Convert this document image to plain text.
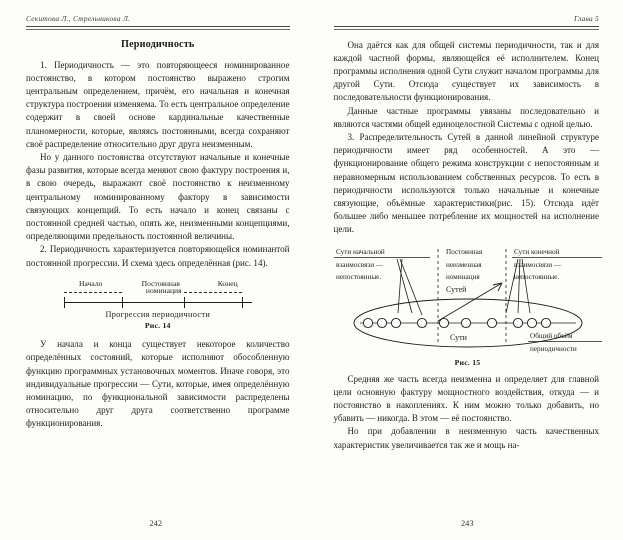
Секитова Л., Стрельникова Л.
Периодичность

1. Периодичность — это повторяющееся номинированное постоянство, в котором постоянство выражено строгим центральным определением, причём, его начальная и конечная структура построения изменяема. То есть центральное определение содержит в своей основе кардинальные качественные планомерности, которые, являясь постоянными, всегда сохраняют своё распределение относительно друг друга неизменным.

Но у данного постоянства отсутствуют начальные и конечные фазы развития, которые всегда меняют свою фактуру построения и, в свою очередь, выражают своё постоянство к неизменному центральному номинированному фактору в зависимости связующих концепций. То есть начало и конец связаны с постоянной средней частью, опять же, неизменными концепциями, определяющими предельность постоянной величины.

2. Периодичность характеризуется повторяющейся номинантой постоянной прогрессии. И схема здесь определённая (рис. 14).

Начало	Постоянная	Конец
номинация
Прогрессия периодичности
Рис. 14

У начала и конца существует некоторое количество определённых состояний, которые исполняют обособленную функцию программных установочных моментов. Иначе говоря, это индивидуальные прогрессии — Сути, которые, имея определённую номинацию, по функциональной зависимости распределены относительно друг друга соответственно программе функционирования.

242
Глава 5

Она даётся как для общей системы периодичности, так и для каждой частной формы, являющейся её исполнителем. Конец программы исполнения одной Сути служит началом программы для другой Сути. Отсюда существует их зависимость в последовательности функционирования.

Данные частные программы увязаны последовательно и являются частями общей единоцелостной Системы с одной целью.

3. Распределительность Сутей в данной линейной структуре периодичности имеет ряд особенностей. А это — функционирование общего режима конструкции с непостоянным и неравномерным использованием собственных ресурсов. То есть в периодичности используются только начальные и конечные связующие, объёмные характеристики(рис. 15). Отсюда идёт большее либо меньшее потребление их мощностей на исполнение цели.

Сути начальной
взаимосвязи —
непостоянные.
Постоянная
неизменная
номинация
Сутей
Сути конечной
взаимосвязи —
непостоянные.
Сути	Общий объём
периодичности
Рис. 15

Средняя же часть всегда неизменна и определяет для главной цели основную фактуру мощностного воздействия, откуда — и постоянство в накоплениях. К ним можно только добавить, но убавить — никогда. В этом — её постоянство.

Но при добавлении в неизменную часть качественных характеристик увеличивается так же и мощь на-

243
